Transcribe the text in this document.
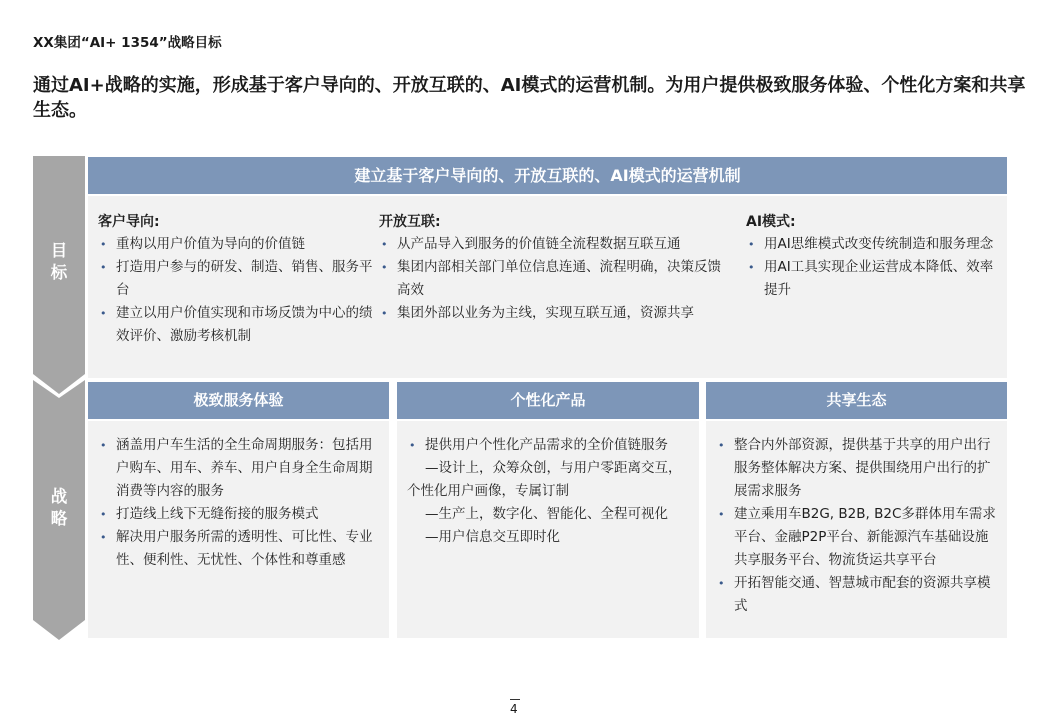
XX集团“AI+ 1354”战略目标
通过AI+战略的实施，形成基于客户导向的、开放互联的、AI模式的运营机制。为用户提供极致服务体验、个性化方案和共享生态。
目标
战略
建立基于客户导向的、开放互联的、AI模式的运营机制
客户导向:
• 重构以用户价值为导向的价值链
• 打造用户参与的研发、制造、销售、服务平台
• 建立以用户价值实现和市场反馈为中心的绩效评价、激励考核机制
开放互联:
• 从产品导入到服务的价值链全流程数据互联互通
• 集团内部相关部门单位信息连通、流程明确，决策反馈高效
• 集团外部以业务为主线，实现互联互通，资源共享
AI模式:
• 用AI思维模式改变传统制造和服务理念
• 用AI工具实现企业运营成本降低、效率提升
极致服务体验	个性化产品	共享生态
• 涵盖用户车生活的全生命周期服务：包括用户购车、用车、养车、用户自身全生命周期消费等内容的服务
• 打造线上线下无缝衔接的服务模式
• 解决用户服务所需的透明性、可比性、专业性、便利性、无忧性、个体性和尊重感
• 提供用户个性化产品需求的全价值链服务
—设计上，众筹众创，与用户零距离交互，个性化用户画像，专属订制
—生产上，数字化、智能化、全程可视化
—用户信息交互即时化
• 整合内外部资源，提供基于共享的用户出行服务整体解决方案、提供围绕用户出行的扩展需求服务
• 建立乘用车B2G, B2B, B2C多群体用车需求平台、金融P2P平台、新能源汽车基础设施共享服务平台、物流货运共享平台
• 开拓智能交通、智慧城市配套的资源共享模式
4
